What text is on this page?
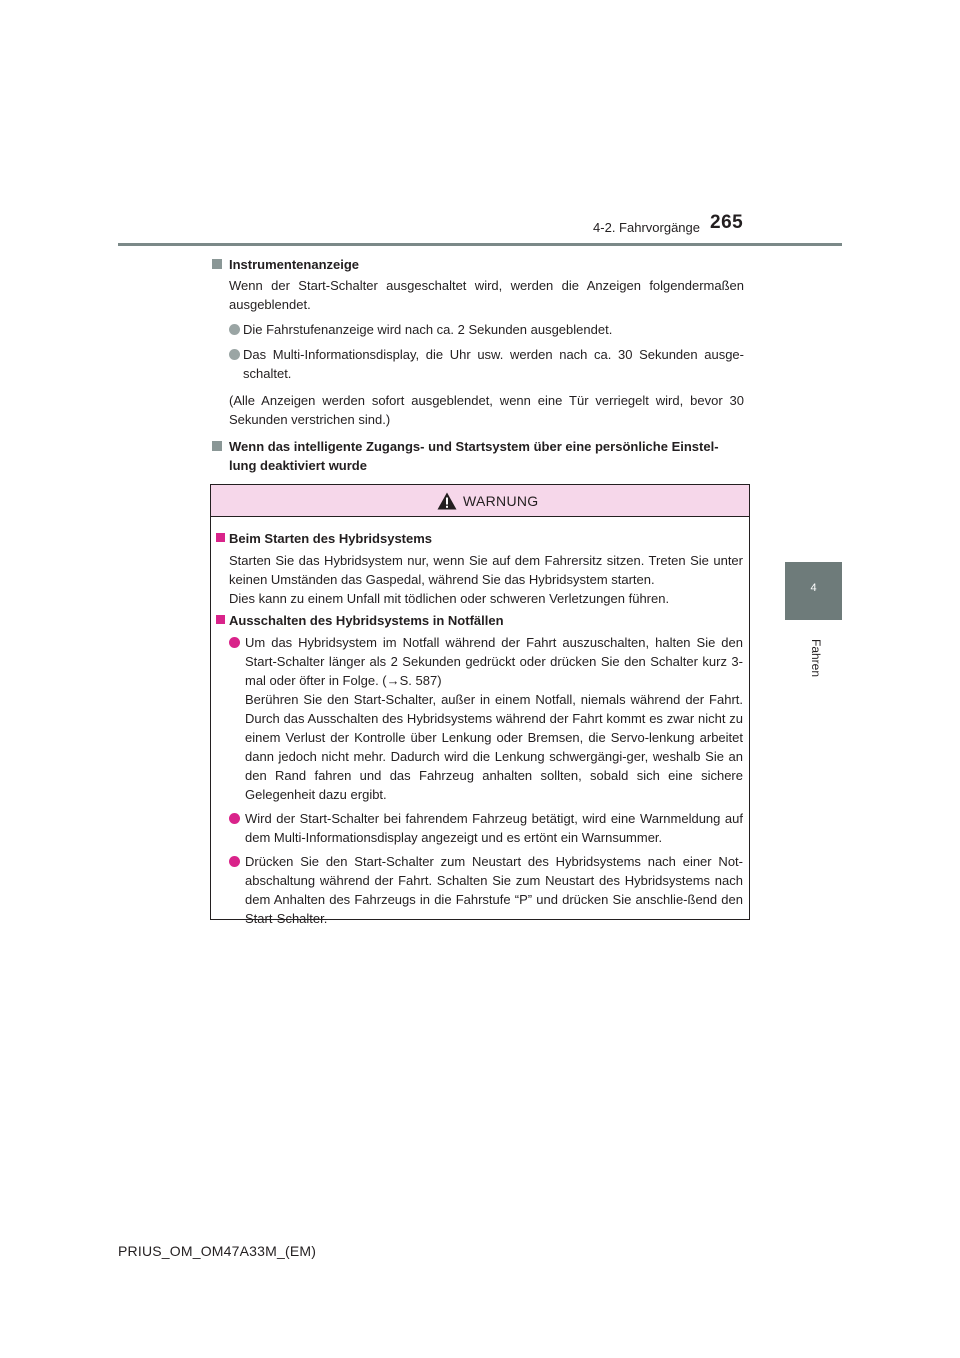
4-2. Fahrvorgänge 265
4
Fahren

Instrumentenanzeige

Wenn der Start-Schalter ausgeschaltet wird, werden die Anzeigen folgendermaßen ausgeblendet.

Die Fahrstufenanzeige wird nach ca. 2 Sekunden ausgeblendet.
Das Multi-Informationsdisplay, die Uhr usw. werden nach ca. 30 Sekunden ausge-schaltet.

(Alle Anzeigen werden sofort ausgeblendet, wenn eine Tür verriegelt wird, bevor 30 Sekunden verstrichen sind.)

Wenn das intelligente Zugangs- und Startsystem über eine persönliche Einstel-lung deaktiviert wurde

WARNUNG

Beim Starten des Hybridsystems

Starten Sie das Hybridsystem nur, wenn Sie auf dem Fahrersitz sitzen. Treten Sie unter keinen Umständen das Gaspedal, während Sie das Hybridsystem starten.

Dies kann zu einem Unfall mit tödlichen oder schweren Verletzungen führen.

Ausschalten des Hybridsystems in Notfällen

Um das Hybridsystem im Notfall während der Fahrt auszuschalten, halten Sie den Start-Schalter länger als 2 Sekunden gedrückt oder drücken Sie den Schalter kurz 3-mal oder öfter in Folge. (→S. 587)
Berühren Sie den Start-Schalter, außer in einem Notfall, niemals während der Fahrt. Durch das Ausschalten des Hybridsystems während der Fahrt kommt es zwar nicht zu einem Verlust der Kontrolle über Lenkung oder Bremsen, die Servo-lenkung arbeitet dann jedoch nicht mehr. Dadurch wird die Lenkung schwergängi-ger, weshalb Sie an den Rand fahren und das Fahrzeug anhalten sollten, sobald sich eine sichere Gelegenheit dazu ergibt.
Wird der Start-Schalter bei fahrendem Fahrzeug betätigt, wird eine Warnmeldung auf dem Multi-Informationsdisplay angezeigt und es ertönt ein Warnsummer.
Drücken Sie den Start-Schalter zum Neustart des Hybridsystems nach einer Not-abschaltung während der Fahrt. Schalten Sie zum Neustart des Hybridsystems nach dem Anhalten des Fahrzeugs in die Fahrstufe “P” und drücken Sie anschlie-ßend den Start-Schalter.
PRIUS_OM_OM47A33M_(EM)
